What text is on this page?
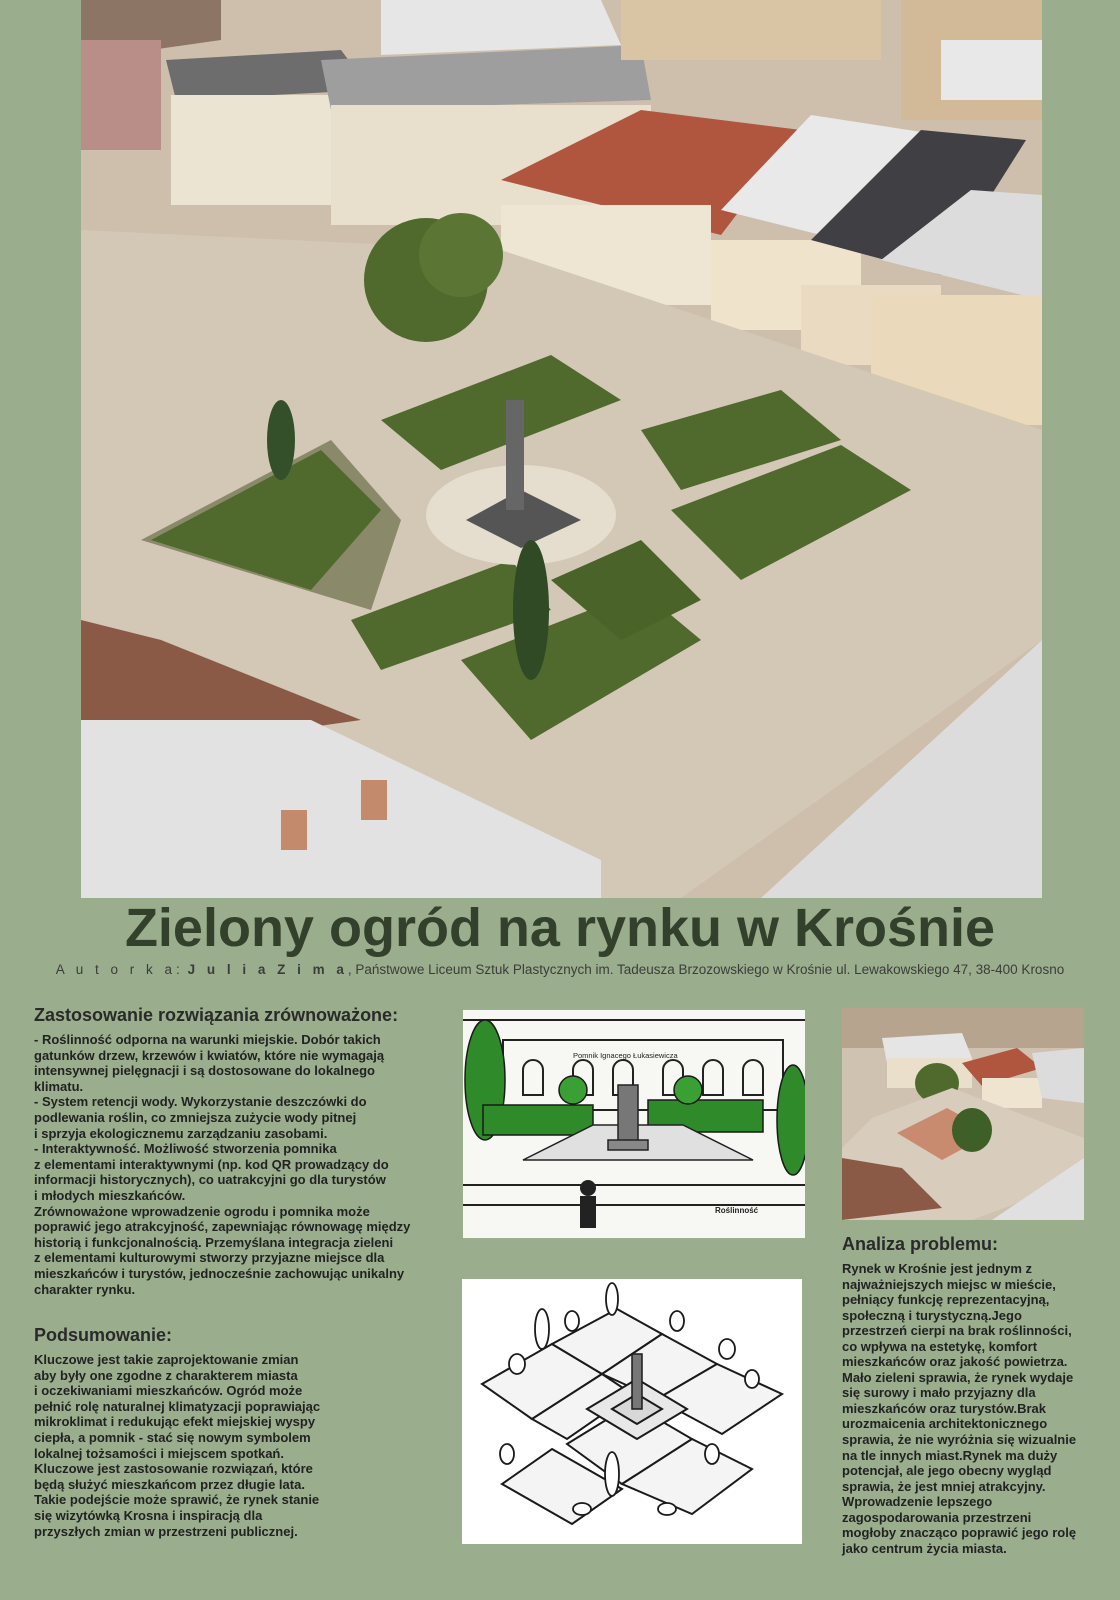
Zielony ogród na rynku w Krośnie

A u t o r k a: J u l i a Z i m a, Państwowe Liceum Sztuk Plastycznych im. Tadeusza Brzozowskiego w Krośnie ul. Lewakowskiego 47, 38-400 Krosno

Zastosowanie rozwiązania zrównoważone:
- Roślinność odporna na warunki miejskie. Dobór takich
gatunków drzew, krzewów i kwiatów, które nie wymagają
intensywnej pielęgnacji i są dostosowane do lokalnego
klimatu.
- System retencji wody. Wykorzystanie deszczówki do
podlewania roślin, co zmniejsza zużycie wody pitnej
i sprzyja ekologicznemu zarządzaniu zasobami.
- Interaktywność. Możliwość stworzenia pomnika
z elementami interaktywnymi (np. kod QR prowadzący do
informacji historycznych), co uatrakcyjni go dla turystów
i młodych mieszkańców.
Zrównoważone wprowadzenie ogrodu i pomnika może
poprawić jego atrakcyjność, zapewniając równowagę między
historią i funkcjonalnością. Przemyślana integracja zieleni
z elementami kulturowymi stworzy przyjazne miejsce dla
mieszkańców i turystów, jednocześnie zachowując unikalny
charakter rynku.
Podsumowanie:
Kluczowe jest takie zaprojektowanie zmian
aby były one zgodne z charakterem miasta
i oczekiwaniami mieszkańców. Ogród może
pełnić rolę naturalnej klimatyzacji poprawiając
mikroklimat i redukując efekt miejskiej wyspy
ciepła, a pomnik - stać się nowym symbolem
lokalnej tożsamości i miejscem spotkań.
Kluczowe jest zastosowanie rozwiązań, które
będą służyć mieszkańcom przez długie lata.
Takie podejście może sprawić, że rynek stanie
się wizytówką Krosna i inspiracją dla
przyszłych zmian w przestrzeni publicznej.
Pomnik Ignacego Łukasiewicza
Roślinność
Analiza problemu:
Rynek w Krośnie jest jednym z
najważniejszych miejsc w mieście,
pełniący funkcję reprezentacyjną,
społeczną i turystyczną.Jego
przestrzeń cierpi na brak roślinności,
co wpływa na estetykę, komfort
mieszkańców oraz jakość powietrza.
Mało zieleni sprawia, że rynek wydaje
się surowy i mało przyjazny dla
mieszkańców oraz turystów.Brak
urozmaicenia architektonicznego
sprawia, że nie wyróżnia się wizualnie
na tle innych miast.Rynek ma duży
potencjał, ale jego obecny wygląd
sprawia, że jest mniej atrakcyjny.
Wprowadzenie lepszego
zagospodarowania przestrzeni
mogłoby znacząco poprawić jego rolę
jako centrum życia miasta.
